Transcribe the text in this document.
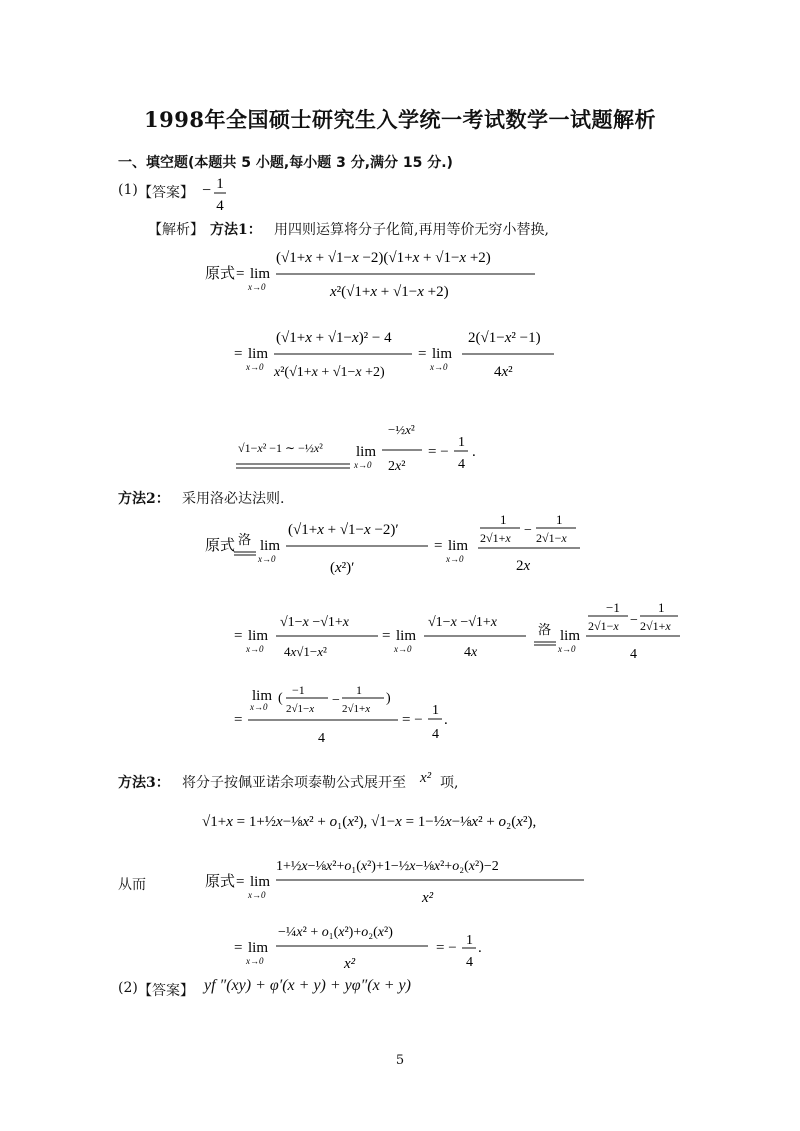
1998年全国硕士研究生入学统一考试数学一试题解析
一、填空题(本题共 5 小题,每小题 3 分,满分 15 分.)
(1) 【答案】 − 1
4
【解析】 方法1： 用四则运算将分子化简,再用等价无穷小替换,
原式 = lim
x→0
(√1+x + √1−x −2)(√1+x + √1−x +2)
x²(√1+x + √1−x +2)
= lim
x→0
(√1+x + √1−x)² − 4
x²(√1+x + √1−x +2)
= lim
x→0
2(√1−x² −1)
4x²
√1−x² −1 ∼ −½x² lim
x→0
−½x²
2x²
= −
1
4
.
方法2： 采用洛必达法则.
原式 洛 lim
x→0
(√1+x + √1−x −2)′
(x²)′
= lim
x→0
1
2√1+x −
1
2√1−x
2x
= lim
x→0
√1−x −√1+x
4x√1−x²
= lim
x→0
√1−x −√1+x
4x
洛 lim
x→0
−1
2√1−x −
1
2√1+x
4
=
lim
x→0
(
−1
2√1−x
−
1
2√1+x
)
4
= −
1
4
.
方法3： 将分子按佩亚诺余项泰勒公式展开至 x² 项,
√1+x = 1+½x−⅛x² + o₁(x²), √1−x = 1−½x−⅛x² + o₂(x²),
从而	原式 = lim
x→0
1+½x−⅛x²+o₁(x²)+1−½x−⅛x²+o₂(x²)−2
x²
= lim
x→0
−¼x² + o₁(x²)+o₂(x²)
x²
= − 1
4
.
(2) 【答案】 yf ″(xy) + φ′(x + y) + yφ″(x + y)
5
